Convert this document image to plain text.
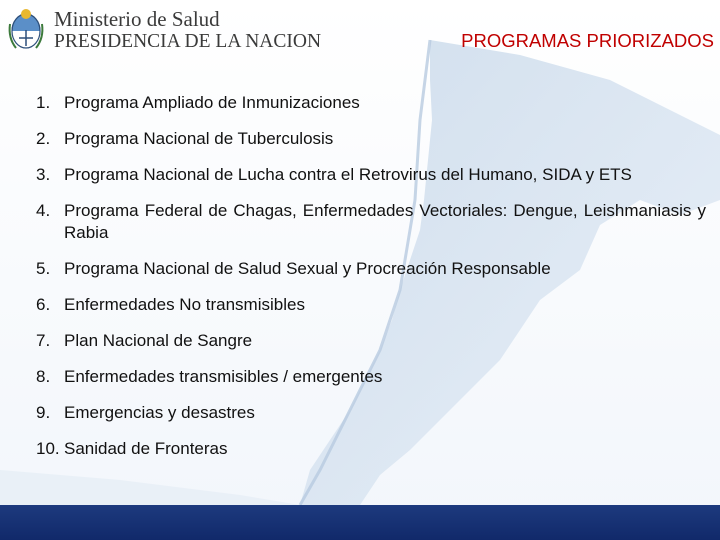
Ministerio de Salud
PRESIDENCIA DE LA NACION	PROGRAMAS PRIORIZADOS
1. Programa Ampliado de Inmunizaciones
2. Programa Nacional de Tuberculosis
3. Programa Nacional de Lucha contra el Retrovirus del Humano, SIDA y ETS
4. Programa Federal de Chagas, Enfermedades Vectoriales: Dengue, Leishmaniasis y Rabia
5. Programa Nacional de Salud Sexual y Procreación Responsable
6. Enfermedades No transmisibles
7. Plan Nacional de Sangre
8. Enfermedades transmisibles / emergentes
9. Emergencias y desastres
10. Sanidad de Fronteras
